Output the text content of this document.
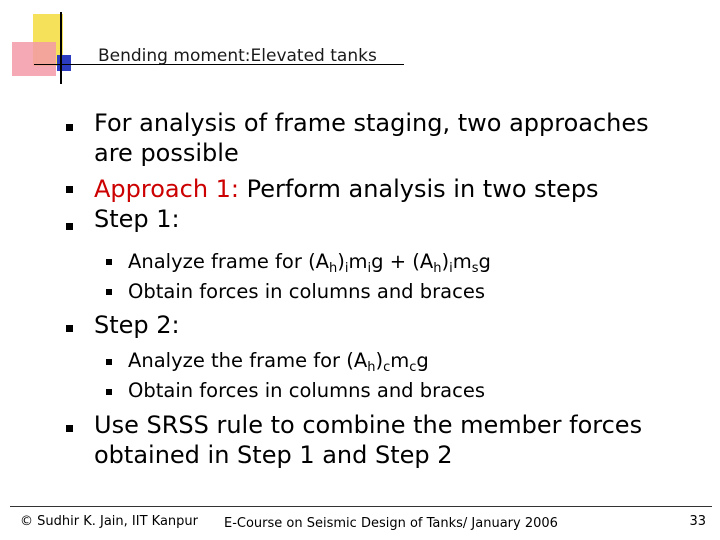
Bending moment:Elevated tanks
For analysis of frame staging, two approaches
are possible
Approach 1: Perform analysis in two steps
Step 1:
Analyze frame for $(A_h)_im_ig + (A_h)_im_sg$
Obtain forces in columns and braces
Step 2:
Analyze the frame for $(A_h)_cm_cg$
Obtain forces in columns and braces
Use SRSS rule to combine the member forces
obtained in Step 1 and Step 2
© Sudhir K. Jain, IIT Kanpur E-Course on Seismic Design of Tanks/ January 2006	33
